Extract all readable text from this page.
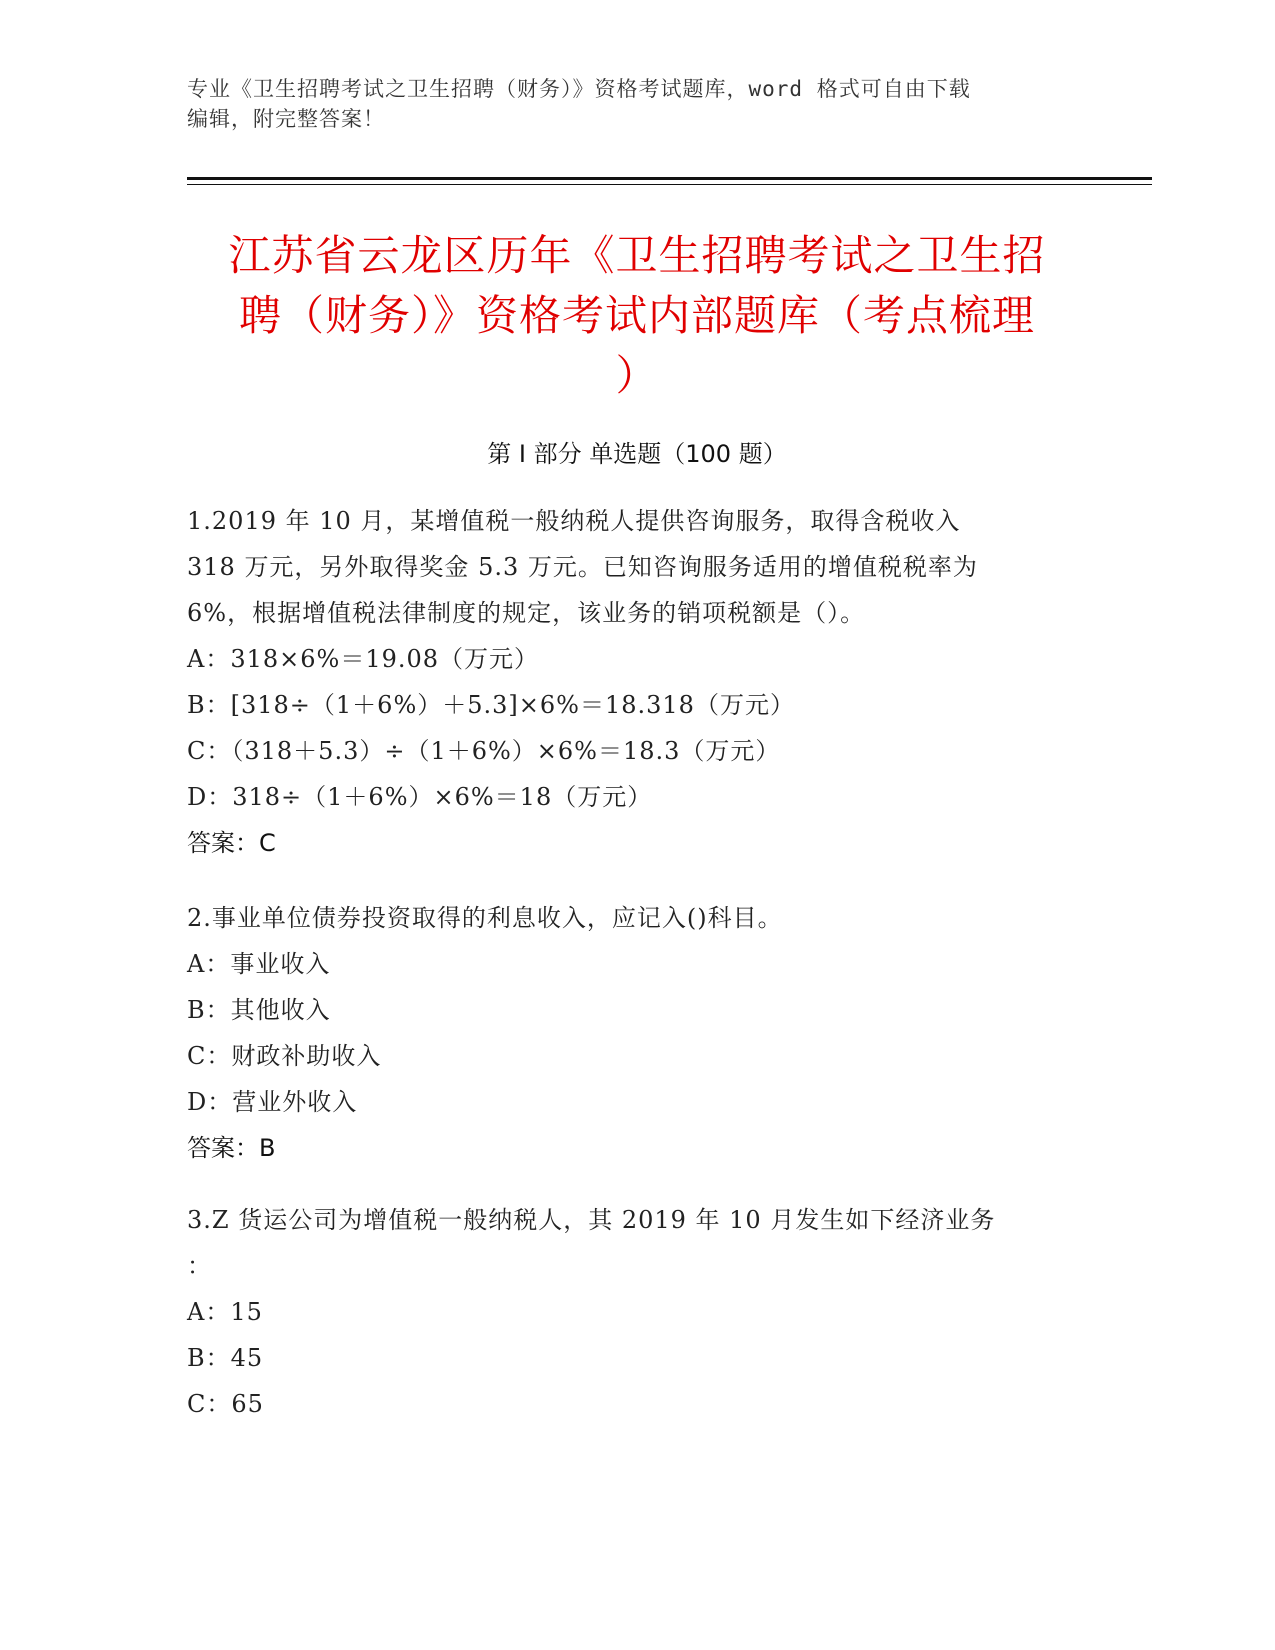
专业《卫生招聘考试之卫生招聘（财务）》资格考试题库，word 格式可自由下载
编辑，附完整答案！
江苏省云龙区历年《卫生招聘考试之卫生招
聘（财务）》资格考试内部题库（考点梳理
）
第 I 部分 单选题（100 题）
1.2019 年 10 月，某增值税一般纳税人提供咨询服务，取得含税收入
318 万元，另外取得奖金 5.3 万元。已知咨询服务适用的增值税税率为
6%，根据增值税法律制度的规定，该业务的销项税额是（）。
A：318×6%＝19.08（万元）
B：[318÷（1＋6%）＋5.3]×6%＝18.318（万元）
C：（318＋5.3）÷（1＋6%）×6%＝18.3（万元）
D：318÷（1＋6%）×6%＝18（万元）
答案：C
2.事业单位债券投资取得的利息收入，应记入()科目。
A：事业收入
B：其他收入
C：财政补助收入
D：营业外收入
答案：B
3.Z 货运公司为增值税一般纳税人，其 2019 年 10 月发生如下经济业务
：
A：15
B：45
C：65
